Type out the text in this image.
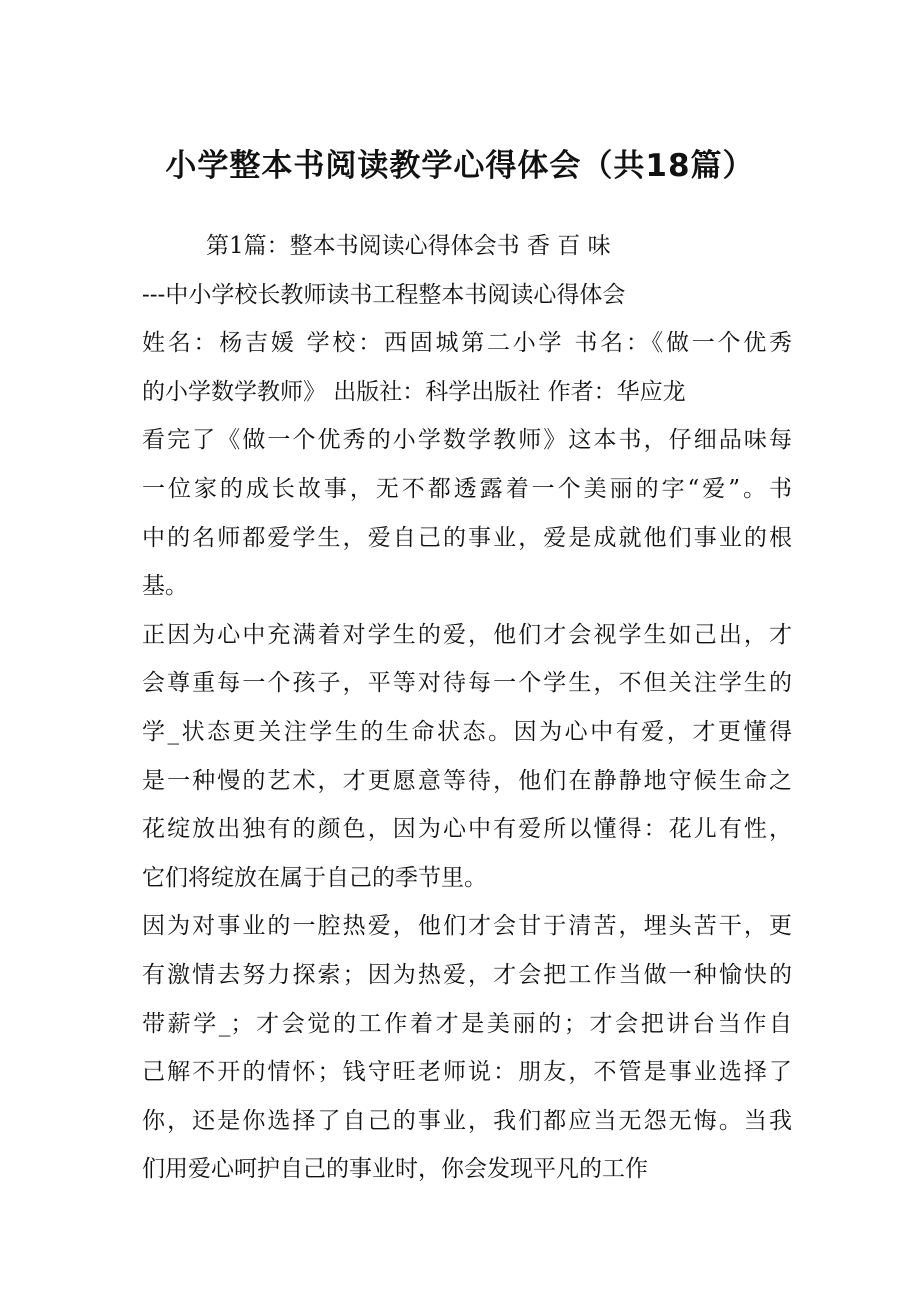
小学整本书阅读教学心得体会（共18篇）
第1篇：整本书阅读心得体会书 香 百 味
---中小学校长教师读书工程整本书阅读心得体会
姓名：杨吉媛 学校：西固城第二小学 书名：《做一个优秀
的小学数学教师》 出版社：科学出版社 作者：华应龙
看完了《做一个优秀的小学数学教师》这本书，仔细品味每
一位家的成长故事，无不都透露着一个美丽的字“爱”。书
中的名师都爱学生，爱自己的事业，爱是成就他们事业的根
基。
正因为心中充满着对学生的爱，他们才会视学生如己出，才
会尊重每一个孩子，平等对待每一个学生，不但关注学生的
学_状态更关注学生的生命状态。因为心中有爱，才更懂得
是一种慢的艺术，才更愿意等待，他们在静静地守候生命之
花绽放出独有的颜色，因为心中有爱所以懂得：花儿有性，
它们将绽放在属于自己的季节里。
因为对事业的一腔热爱，他们才会甘于清苦，埋头苦干，更
有激情去努力探索；因为热爱，才会把工作当做一种愉快的
带薪学_；才会觉的工作着才是美丽的；才会把讲台当作自
己解不开的情怀；钱守旺老师说：朋友，不管是事业选择了
你，还是你选择了自己的事业，我们都应当无怨无悔。当我
们用爱心呵护自己的事业时，你会发现平凡的工作
